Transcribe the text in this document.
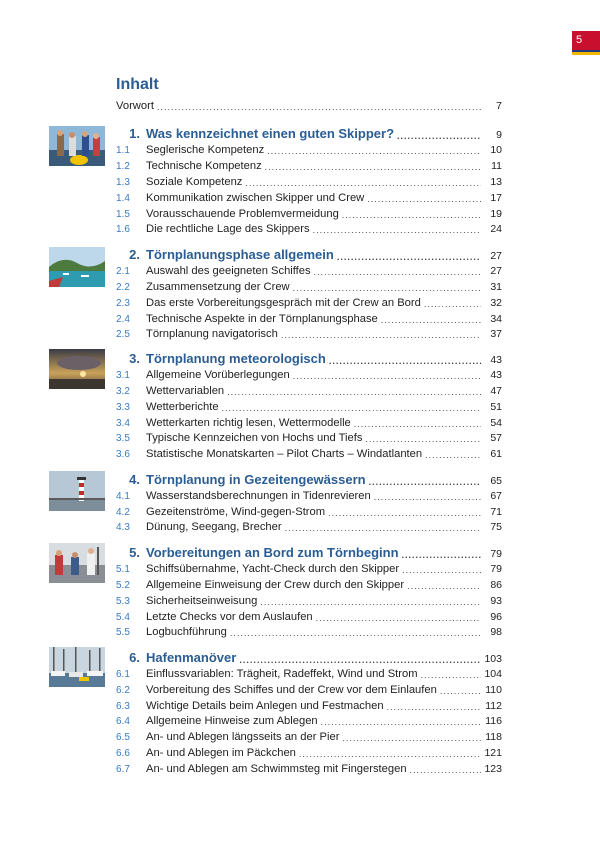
5
Inhalt
Vorwort .....	7
1. Was kennzeichnet einen guten Skipper? .....	9
1.1	Seglerische Kompetenz .....	10
1.2	Technische Kompetenz .....	11
1.3	Soziale Kompetenz .....	13
1.4	Kommunikation zwischen Skipper und Crew .....	17
1.5	Vorausschauende Problemvermeidung .....	19
1.6	Die rechtliche Lage des Skippers .....	24
2. Törnplanungsphase allgemein .....	27
2.1	Auswahl des geeigneten Schiffes .....	27
2.2	Zusammensetzung der Crew .....	31
2.3	Das erste Vorbereitungsgespräch mit der Crew an Bord .....	32
2.4	Technische Aspekte in der Törnplanungsphase .....	34
2.5	Törnplanung navigatorisch .....	37
3. Törnplanung meteorologisch .....	43
3.1	Allgemeine Vorüberlegungen .....	43
3.2	Wettervariablen .....	47
3.3	Wetterberichte .....	51
3.4	Wetterkarten richtig lesen, Wettermodelle .....	54
3.5	Typische Kennzeichen von Hochs und Tiefs .....	57
3.6	Statistische Monatskarten – Pilot Charts – Windatlanten .....	61
4. Törnplanung in Gezeitengewässern .....	65
4.1	Wasserstandsberechnungen in Tidenrevieren .....	67
4.2	Gezeitenströme, Wind-gegen-Strom .....	71
4.3	Dünung, Seegang, Brecher .....	75
5. Vorbereitungen an Bord zum Törnbeginn .....	79
5.1	Schiffsübernahme, Yacht-Check durch den Skipper .....	79
5.2	Allgemeine Einweisung der Crew durch den Skipper .....	86
5.3	Sicherheitseinweisung .....	93
5.4	Letzte Checks vor dem Auslaufen .....	96
5.5	Logbuchführung .....	98
6. Hafenmanöver .....	103
6.1	Einflussvariablen: Trägheit, Radeffekt, Wind und Strom .....	104
6.2	Vorbereitung des Schiffes und der Crew vor dem Einlaufen .....	110
6.3	Wichtige Details beim Anlegen und Festmachen .....	112
6.4	Allgemeine Hinweise zum Ablegen .....	116
6.5	An- und Ablegen längsseits an der Pier .....	118
6.6	An- und Ablegen im Päckchen .....	121
6.7	An- und Ablegen am Schwimmsteg mit Fingerstegen .....	123
